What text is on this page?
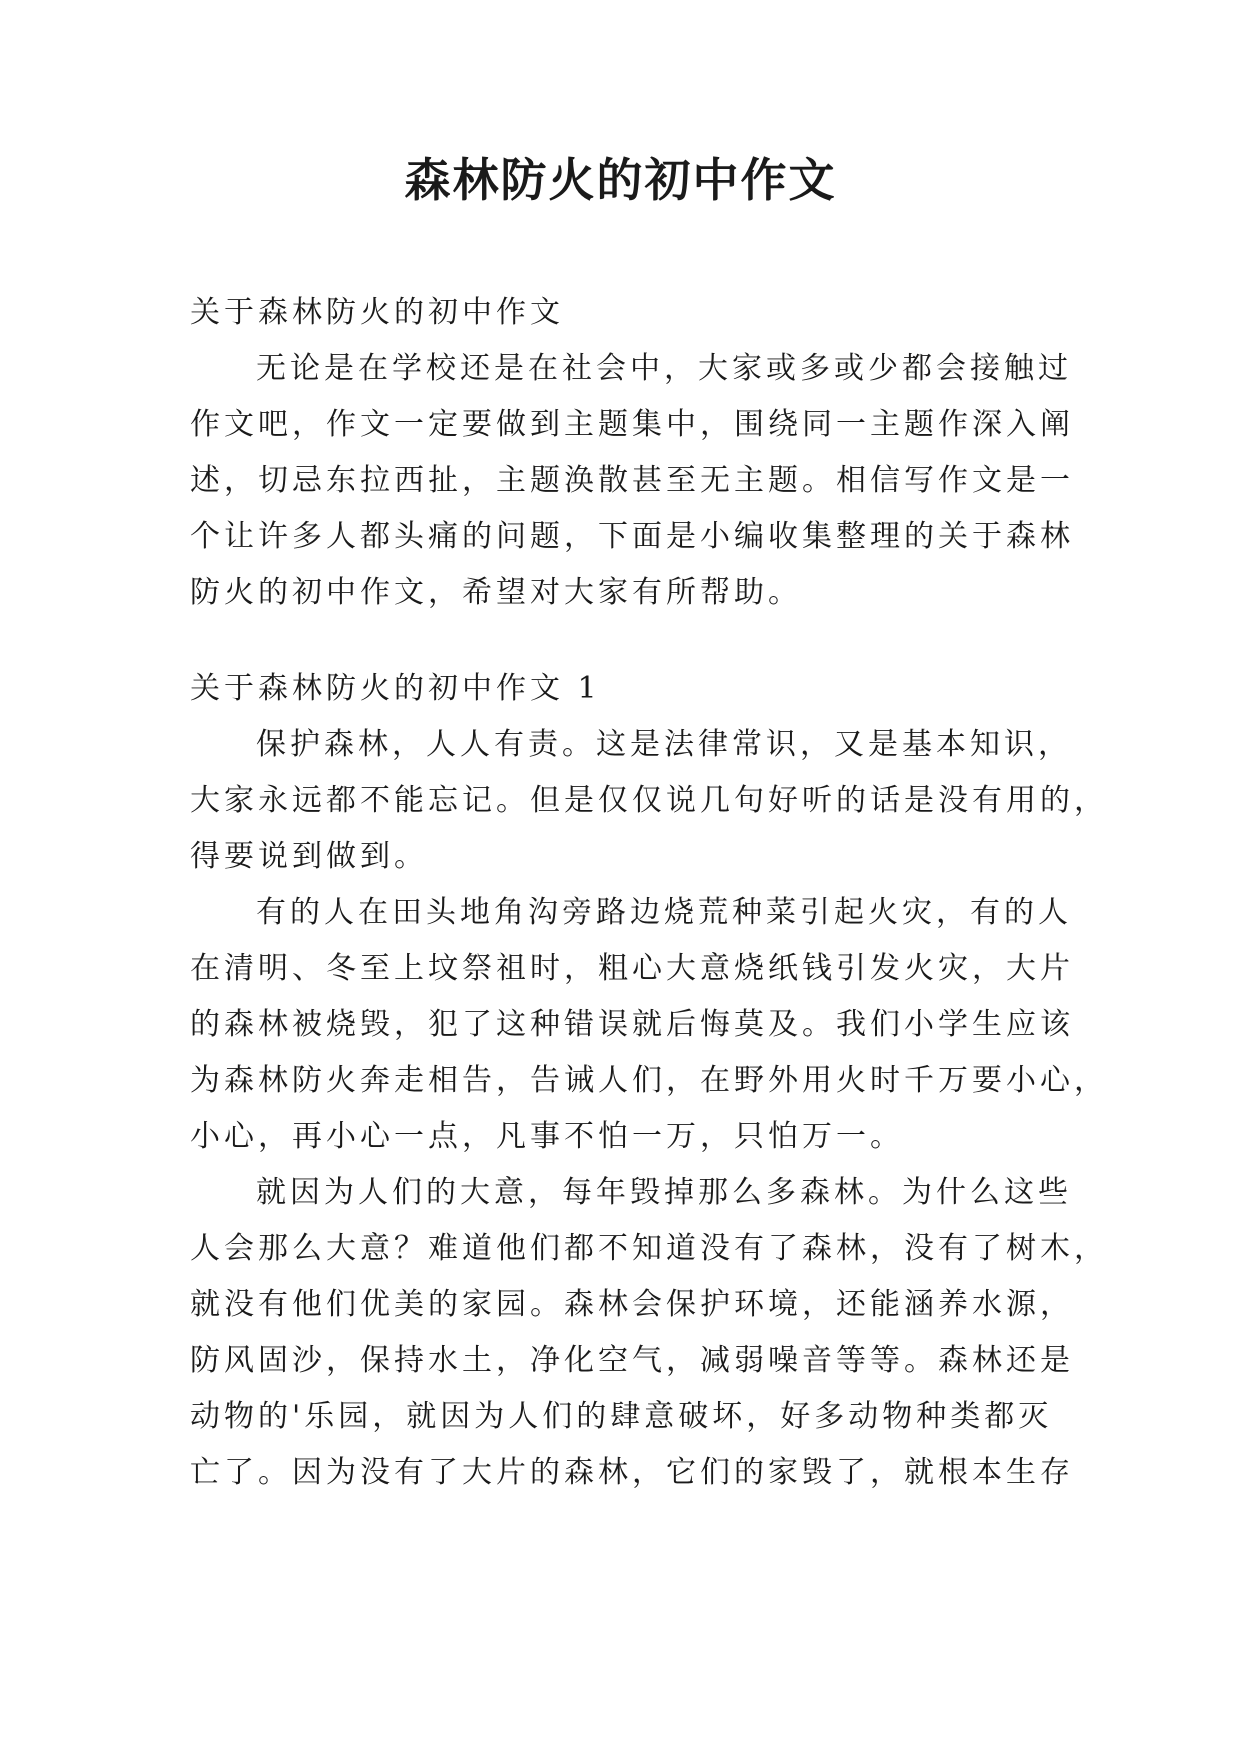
森林防火的初中作文

关于森林防火的初中作文

无论是在学校还是在社会中，大家或多或少都会接触过

作文吧，作文一定要做到主题集中，围绕同一主题作深入阐

述，切忌东拉西扯，主题涣散甚至无主题。相信写作文是一

个让许多人都头痛的问题，下面是小编收集整理的关于森林

防火的初中作文，希望对大家有所帮助。

关于森林防火的初中作文 1

保护森林，人人有责。这是法律常识，又是基本知识，

大家永远都不能忘记。但是仅仅说几句好听的话是没有用的，

得要说到做到。

有的人在田头地角沟旁路边烧荒种菜引起火灾，有的人

在清明、冬至上坟祭祖时，粗心大意烧纸钱引发火灾，大片

的森林被烧毁，犯了这种错误就后悔莫及。我们小学生应该

为森林防火奔走相告，告诫人们，在野外用火时千万要小心，

小心，再小心一点，凡事不怕一万，只怕万一。

就因为人们的大意，每年毁掉那么多森林。为什么这些

人会那么大意？难道他们都不知道没有了森林，没有了树木，

就没有他们优美的家园。森林会保护环境，还能涵养水源，

防风固沙，保持水土，净化空气，减弱噪音等等。森林还是

动物的'乐园，就因为人们的肆意破坏，好多动物种类都灭

亡了。因为没有了大片的森林，它们的家毁了，就根本生存
